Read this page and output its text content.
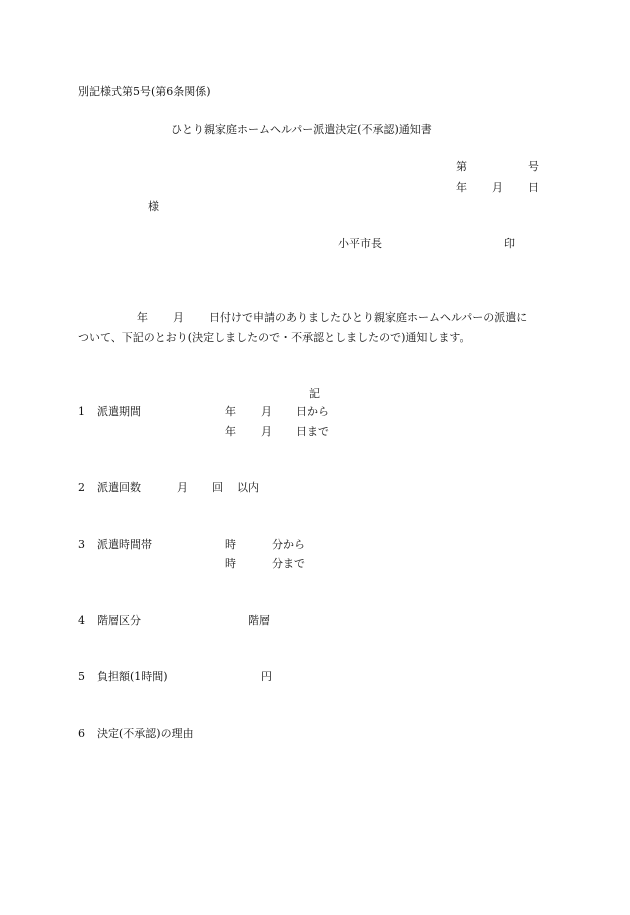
別記様式第5号(第6条関係)
ひとり親家庭ホームヘルパー派遣決定(不承認)通知書
第	号
年 月 日
様
小平市長	印
年 月 日付けで申請のありましたひとり親家庭ホームヘルパーの派遣に
ついて、下記のとおり(決定しましたので・不承認としましたので)通知します。
記
1 派遣期間	年 月 日から
年 月 日まで
2 派遣回数	月 回 以内
3 派遣時間帯	時	分から
時	分まで
4 階層区分	階層
5 負担額(1時間)	円
6 決定(不承認)の理由
